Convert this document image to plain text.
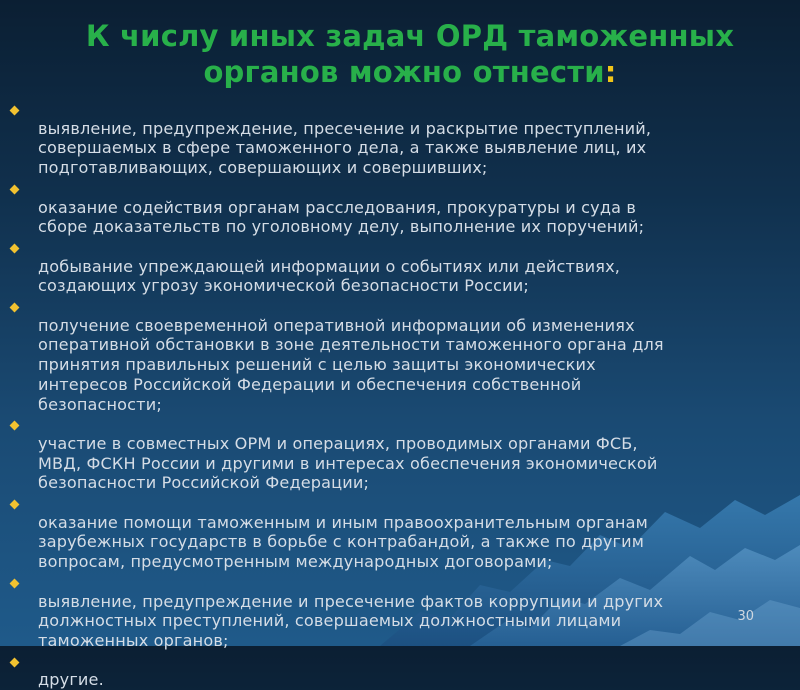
К числу иных задач ОРД таможенных органов можно отнести:

выявление, предупреждение, пресечение и раскрытие преступлений,
совершаемых в сфере таможенного дела, а также выявление лиц, их
подготавливающих, совершающих и совершивших;

оказание содействия органам расследования, прокуратуры и суда в
сборе доказательств по уголовному делу, выполнение их поручений;

добывание упреждающей информации о событиях или действиях,
создающих угрозу экономической безопасности России;

получение своевременной оперативной информации об изменениях
оперативной обстановки в зоне деятельности таможенного органа для
принятия правильных решений с целью защиты экономических
интересов Российской Федерации и обеспечения собственной
безопасности;

участие в совместных ОРМ и операциях, проводимых органами ФСБ,
МВД, ФСКН России и другими в интересах обеспечения экономической
безопасности Российской Федерации;

оказание помощи таможенным и иным правоохранительным органам
зарубежных государств в борьбе с контрабандой, а также по другим
вопросам, предусмотренным международных договорами;

выявление, предупреждение и пресечение фактов коррупции и других
должностных преступлений, совершаемых должностными лицами
таможенных органов;

другие.

30
